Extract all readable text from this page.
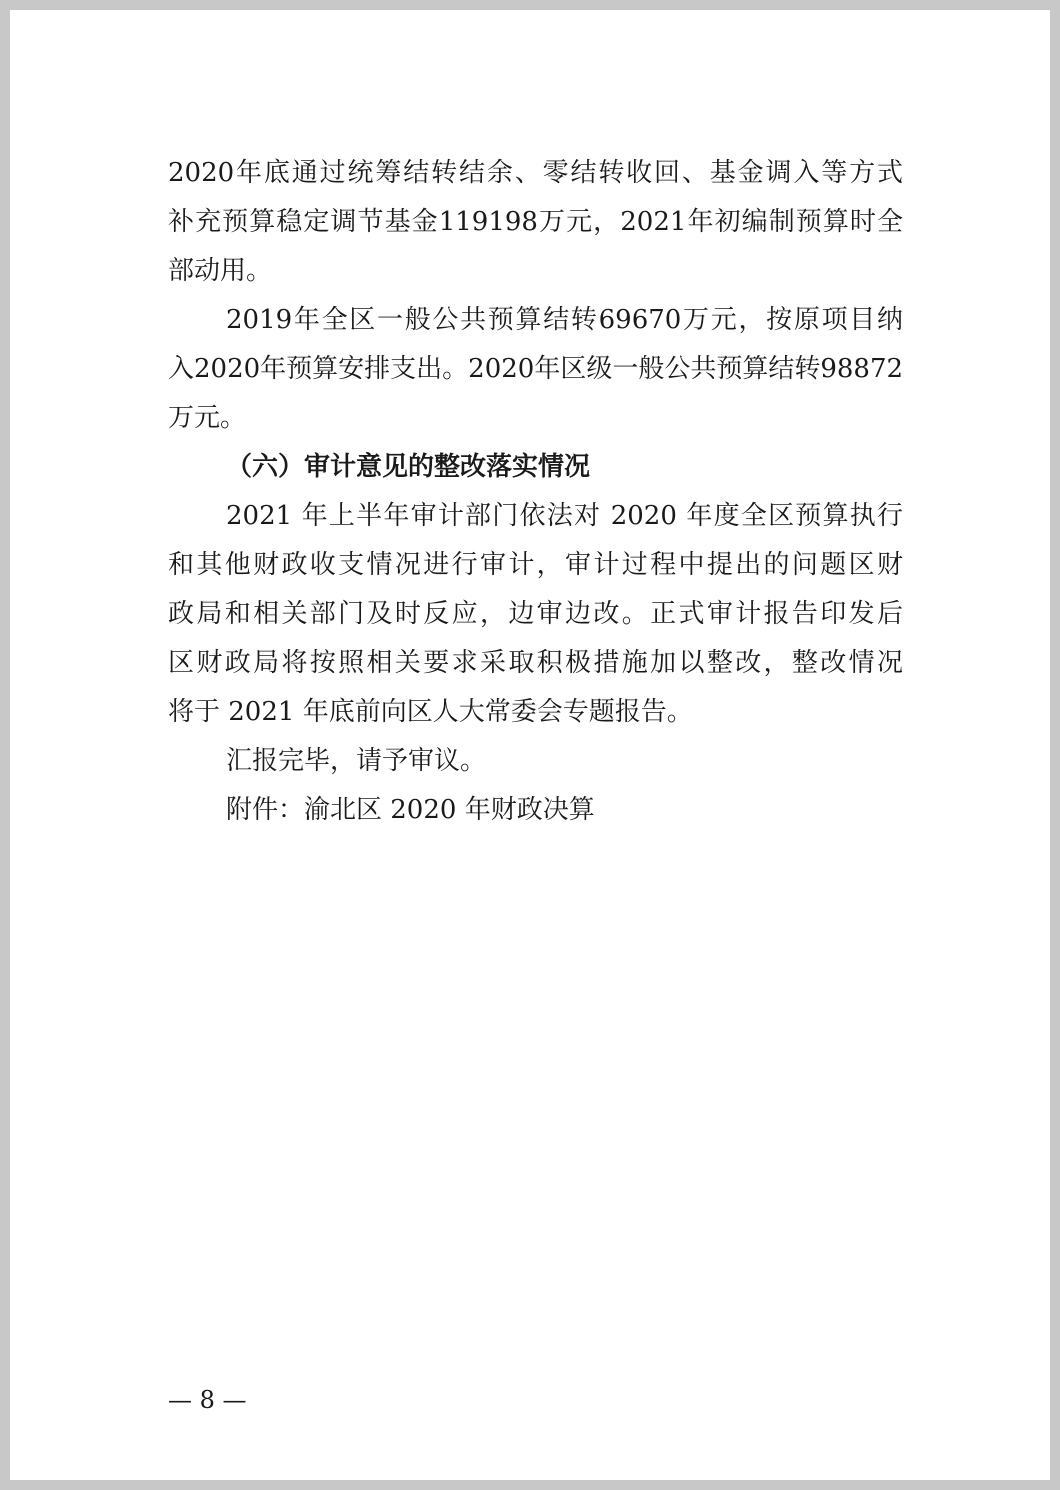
2020年底通过统筹结转结余、零结转收回、基金调入等方式
补充预算稳定调节基金119198万元，2021年初编制预算时全
部动用。
2019年全区一般公共预算结转69670万元，按原项目纳
入2020年预算安排支出。2020年区级一般公共预算结转98872
万元。
（六）审计意见的整改落实情况
2021 年上半年审计部门依法对 2020 年度全区预算执行
和其他财政收支情况进行审计，审计过程中提出的问题区财
政局和相关部门及时反应，边审边改。正式审计报告印发后
区财政局将按照相关要求采取积极措施加以整改，整改情况
将于 2021 年底前向区人大常委会专题报告。
汇报完毕，请予审议。
附件：渝北区 2020 年财政决算
— 8 —
